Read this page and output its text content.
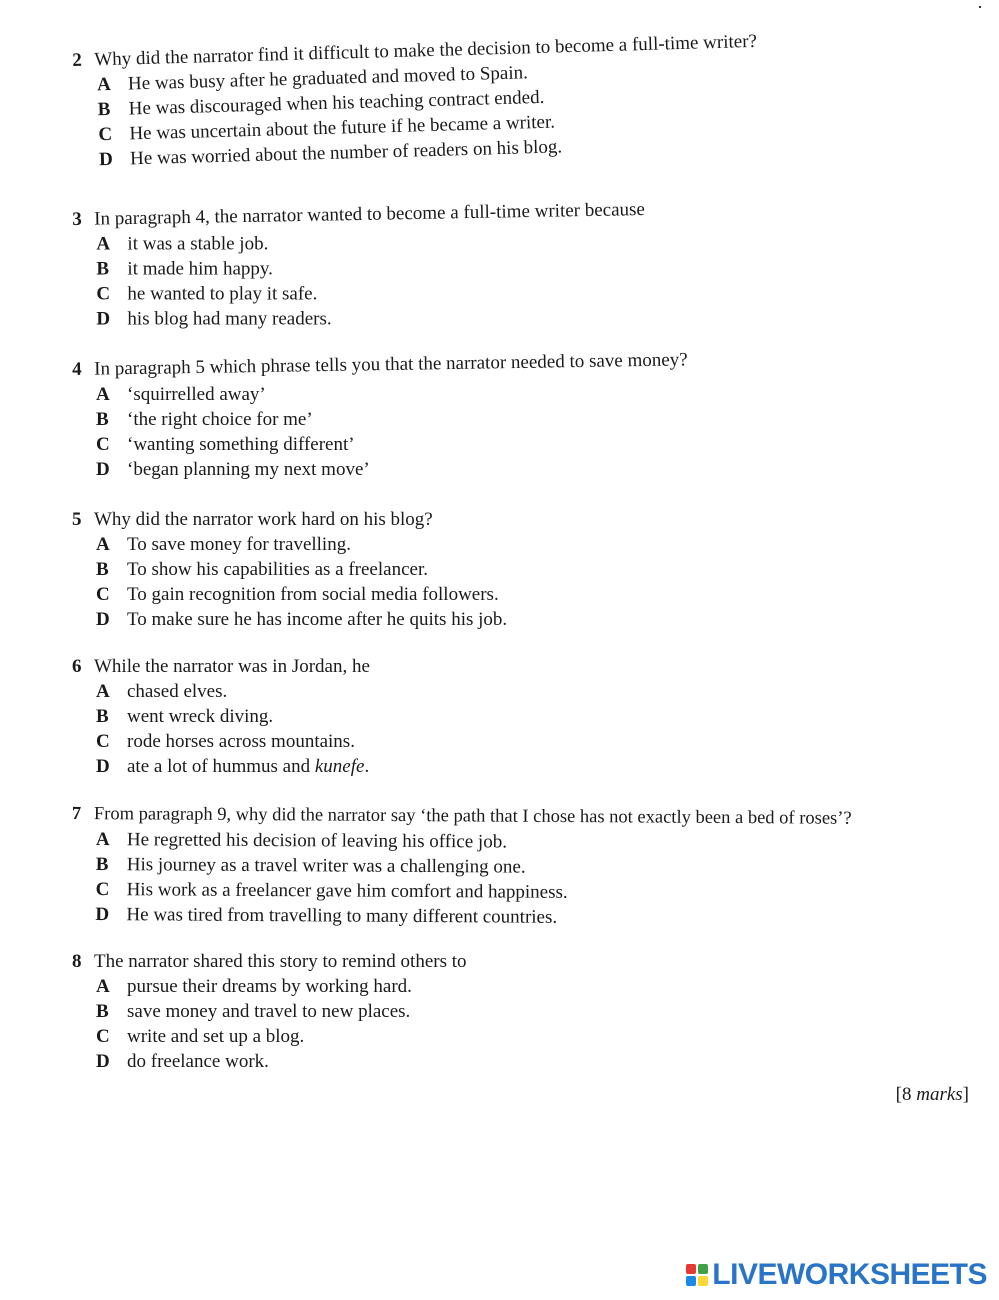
2 Why did the narrator find it difficult to make the decision to become a full-time writer?
A He was busy after he graduated and moved to Spain.
B He was discouraged when his teaching contract ended.
C He was uncertain about the future if he became a writer.
D He was worried about the number of readers on his blog.
3 In paragraph 4, the narrator wanted to become a full-time writer because
A it was a stable job.
B it made him happy.
C he wanted to play it safe.
D his blog had many readers.
4 In paragraph 5 which phrase tells you that the narrator needed to save money?
A ‘squirrelled away’
B ‘the right choice for me’
C ‘wanting something different’
D ‘began planning my next move’
5 Why did the narrator work hard on his blog?
A To save money for travelling.
B To show his capabilities as a freelancer.
C To gain recognition from social media followers.
D To make sure he has income after he quits his job.
6 While the narrator was in Jordan, he
A chased elves.
B went wreck diving.
C rode horses across mountains.
D ate a lot of hummus and
kunefe .
7 From paragraph 9, why did the narrator say ‘the path that I chose has not exactly been a bed of roses’?
A He regretted his decision of leaving his office job.
B His journey as a travel writer was a challenging one.
C His work as a freelancer gave him comfort and happiness.
D He was tired from travelling to many different countries.
8 The narrator shared this story to remind others to
A pursue their dreams by working hard.
B save money and travel to new places.
C write and set up a blog.
D do freelance work.
[8 marks]
LIVEWORKSHEETS
